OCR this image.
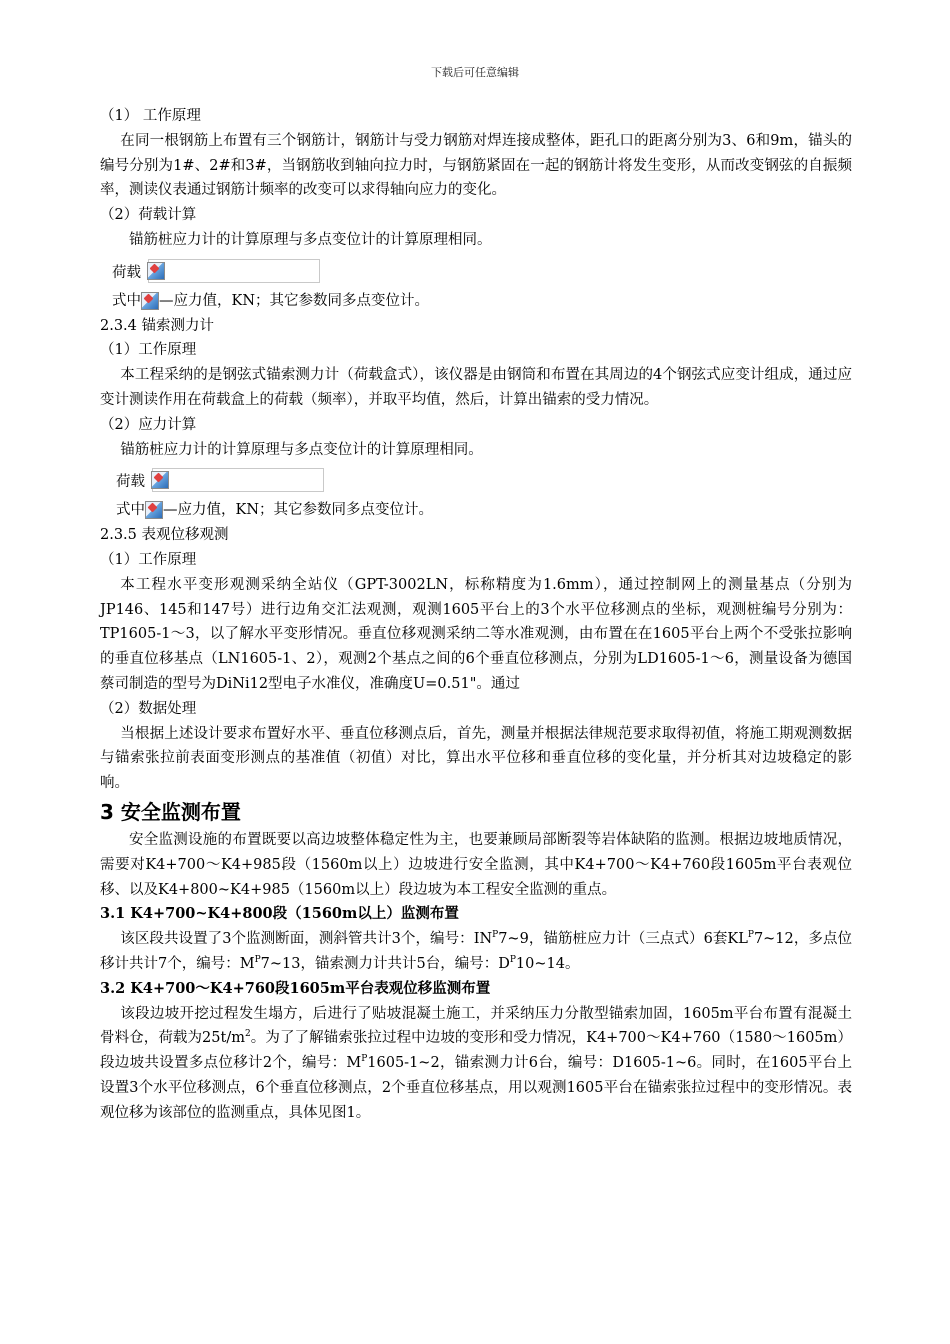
下载后可任意编辑

（1） 工作原理

在同一根钢筋上布置有三个钢筋计，钢筋计与受力钢筋对焊连接成整体，距孔口的距离分别为3、6和9m，锚头的编号分别为1#、2#和3#，当钢筋收到轴向拉力时，与钢筋紧固在一起的钢筋计将发生变形，从而改变钢弦的自振频率，测读仪表通过钢筋计频率的改变可以求得轴向应力的变化。

（2）荷载计算

锚筋桩应力计的计算原理与多点变位计的计算原理相同。

荷载

式中 —应力值，KN；其它参数同多点变位计。

2.3.4 锚索测力计

（1）工作原理

本工程采纳的是钢弦式锚索测力计（荷载盒式），该仪器是由钢筒和布置在其周边的4个钢弦式应变计组成，通过应变计测读作用在荷载盒上的荷载（频率），并取平均值，然后，计算出锚索的受力情况。

（2）应力计算

锚筋桩应力计的计算原理与多点变位计的计算原理相同。

荷载

式中 —应力值，KN；其它参数同多点变位计。

2.3.5 表观位移观测

（1）工作原理

本工程水平变形观测采纳全站仪（GPT-3002LN，标称精度为1.6mm），通过控制网上的测量基点（分别为JP146、145和147号）进行边角交汇法观测，观测1605平台上的3个水平位移测点的坐标，观测桩编号分别为：TP1605-1～3，以了解水平变形情况。垂直位移观测采纳二等水准观测，由布置在在1605平台上两个不受张拉影响的垂直位移基点（LN1605-1、2），观测2个基点之间的6个垂直位移测点，分别为LD1605-1～6，测量设备为德国蔡司制造的型号为DiNi12型电子水准仪，准确度U=0.51"。通过

（2）数据处理

当根据上述设计要求布置好水平、垂直位移测点后，首先，测量并根据法律规范要求取得初值，将施工期观测数据与锚索张拉前表面变形测点的基准值（初值）对比，算出水平位移和垂直位移的变化量，并分析其对边坡稳定的影响。

3 安全监测布置

安全监测设施的布置既要以高边坡整体稳定性为主，也要兼顾局部断裂等岩体缺陷的监测。根据边坡地质情况，需要对K4+700～K4+985段（1560m以上）边坡进行安全监测，其中K4+700～K4+760段1605m平台表观位移、以及K4+800~K4+985（1560m以上）段边坡为本工程安全监测的重点。

3.1 K4+700~K4+800段（1560m以上）监测布置

该区段共设置了3个监测断面，测斜管共计3个，编号：$IN^P7\sim 9$，锚筋桩应力计（三点式）6套$KL^P7\sim 12$，多点位移计共计7个，编号：$M^P7\sim 13$，锚索测力计共计5台，编号：$D^P10\sim 14$。

3.2 K4+700～K4+760段1605m平台表观位移监测布置

该段边坡开挖过程发生塌方，后进行了贴坡混凝土施工，并采纳压力分散型锚索加固，1605m平台布置有混凝土骨料仓，荷载为$25t/m^2$。为了了解锚索张拉过程中边坡的变形和受力情况，K4+700～K4+760（1580～1605m）段边坡共设置多点位移计2个，编号：$M^P1605-1\sim 2$，锚索测力计6台，编号：D1605-1~6。同时，在1605平台上设置3个水平位移测点，6个垂直位移测点，2个垂直位移基点，用以观测1605平台在锚索张拉过程中的变形情况。表观位移为该部位的监测重点，具体见图1。
